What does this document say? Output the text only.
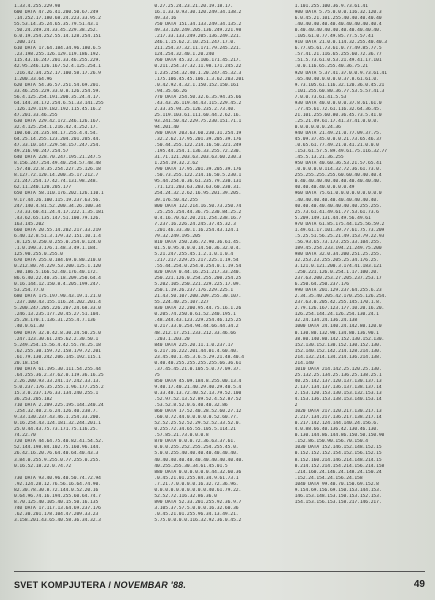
1.33.4.255.229.98
600 DATA 47.26.41.200.50.67.249
.14.252.17.180.68.24.223.33.95.2
55.53.14.35.24.65.35.79.51.43.1
.50.24.249.24.33.45.229.38.252.
6.0.19.254.252.55.14.128.254.151
.200.171
610 DATA 17.64.184.34.96.180.6.5
.23.198.255.126.129.119.186.192.
115.43.16.247.201.33.46.255.229.
42.95.246.126.167.52.4.125.254.1
.216.42.34.252.17.100.58.17.26.9
1.200.33.64.96
620 DATA 54.36.57.251.54.69.201.
33.46.255.229.33.0.8.126.254.59.
56.4.125.254.191.200.35.24.4.17.
64.144.34.172.254.6.51.33.141.255
.126.129.119.182.192.115.45.16.2
47.201.33.46.255
630 DATA 229.42.172.246.126.167.
32.4.125.254.1.216.42.4.252.17.
100.60.24.235.84.17.255.4.4.54.
64.25.14.255.123.204.201.205.44.
47.33.10.147.229.58.157.247.254.
49.216.90.247.254.57
640 DATA 228.70.247.195.21.247.5
8.156.247.254.49.40.254.57.48.48
.57.40.22.8.35.254.227.25.126.18
8.127.72.120.14.200.35.17.212.7
21.247.254.17.42.74.131.98.248.
62.11.240.120.205.177
650 DATA 58.110.176.202.126.110.1
9.17.44.26.100.115.19.237.63.56.
247.140.4.81.52.200.34.26.100.34
.73.33.60.41.24.4.17.222.1.35.181
.43.62.65.135.147.51.100.79.126.
163.145.202
660 DATA 20.55.14.202.217.33.219
6.40.12.8.51.3.179.32.151.10.1.4
.8.125.0.250.0.255.0.254.0.124.0
.1.0.190.3.176.1.48.3.49.1.184.
125.90.255.0.255.0
670 DATA 255.0.184.69.0.80.210.0
0.212.80.74.229.53.200.125.1.120
.80.186.5.166.52.40.176.40.172.
86.6.40.22.40.35.18.209.250.64.4
0.16.144.12.150.8.4.205.199.247.
53.254.77.0
680 DATA 175.197.90.43.19.1.21.0
.237.100.43.155.116.24.202.201.4
5.200.247.205.226.207.24.68.33.0
.246.13.235.177.20.45.27.51.104.
25.28.170.1.136.31.255.4.7.136
.40.0.61.30
690 DATA 32.0.42.8.30.24.50.25.0
.247.123.30.61.245.62.2.30.50.1
5.249.254.15.56.4.42.55.78.25.18
.62.255.30.159.72.158.179.72.201
.61.79.130.242.206.145.192.115.1
20.18.154
700 DATA 61.195.30.111.54.255.44
.64.255.36.2.37.62.0.119.36.16.25
2.26.200.93.33.241.17.242.33.13.
5.0.237.176.35.255.1.96.177.255.2
15.3.0.237.176.33.134.240.255.1
36.253.205.182
710 DATA 2.209.225.195.144.240.24
.254.32.40.2.6.24.126.40.238.7.
9.33.130.237.43.46.1.254.33.200.
0.16.254.43.124.181.32.244.201.1
25.0.44.43.75.73.171.75.116.25.
74.22.70
720 DATA 44.64.75.40.82.41.54.52.
52.144.198.84.102.75.160.96.144.
26.42.16.20.76.64.40.64.40.43.3
3.84.0.255.9.255.0.77.255.0.255.
0.16.52.18.22.0.74.72
730 DATA 93.40.96.40.50.74.72.94
.92.124.28.12.76.56.16.64.74.90.
82.30.78.30.8.72.144.0.52.20.16
0.64.96.74.16.194.255.60.64.74.7
8.70.125.40.105.40.15.50.16.135
740 DATA 17.117.13.64.69.237.176
.62.30.201.178.104.47.209.33.23
3.158.201.43.65.40.58.36.34.32.3
0.27.25.24.23.21.20.19.18.17.
16.1.33.0.93.30.120.249.34.138.2
49.33.16
750 DATA 151.34.133.249.34.135.2
49.33.120.249.205.136.249.221.98
.217.33.133.249.205.136.249.221.
246.1.15.62.2.10.251.247.17.0.
211.254.37.32.11.171.79.245.221.
124.254.32.40.1.20.240
760 DATA 45.32.3.106.171.45.217.
0.211.254.37.32.11.98.171.245.22
1.235.254.32.40.1.20.247.45.32.3
.175.106.45.45.106.1.3.62.203.201
.0.42.92.4.32.1.150.152.150.161
.94.35.66.26
770 DATA 254.50.32.6.35.94.35.66
.43.43.26.119.44.43.115.229.45.2
2.33.35.94.25.126.235.2.73.40.
25.119.103.61.111.60.44.2.62.16.
93.241.50.42.229.75.230.151.71.1
94.201.40
780 DATA 203.63.60.230.31.254.19
.32.2.62.17.95.201.39.205.39.176
.50.44.255.122.214.16.50.221.249
.195.44.254.1.136.33.255.72.230.
31.71.121.203.63.203.63.60.230.3
1.254.19.32.2.62
790 DATA 17.95.201.39.205.39.176
.50.73.255.122.214.16.50.5.230.1
95.44.254.0.36.61.235.79.230.131
.71.121.203.63.203.63.60.230.31.
254.24.32.2.62.16.95.201.39.205.
39.176.50.42.255
800 DATA 122.214.16.50.73.250.74
.25.255.254.44.36.75.230.84.25.2
0.4.16.70.62.20.211.254.238.16.7
7.237.16.226.24.245.37.45.32.3
.201.46.33.30.1.16.254.43.124.1
79.32.249.195.205
810 DATA 250.236.72.90.36.61.45.
01.5.0.95.0.0.0.14.50.36.32.0.4.
5.21.247.255.45.1.2.1.0.1.0.4
.217.217.229.25.217.225.1.19.54
.55.44.254.0.254.0.254.0.1.19.54
820 DATA 0.44.16.251.217.33.240.
250.221.126.0.254.255.200.254.25
5.202.105.250.221.229.225.17.09.
250.1.19.26.237.176.229.225.1
21.43.50.107.200.209.255.30.107.
55.224.40.25.107.227
830 DATA 22.200.95.44.75.16.1.26
0.205.74.250.0.61.52.240.195.1
.48.244.43.123.229.254.46.125.25
0.217.33.0.254.94.44.66.44.34.2
48.212.17.251.233.212.33.46.66
.203.1.203.20
840 DATA 225.20.11.1.0.237.17
6.217.16.222.201.44.01.4.60.40.
23.45.40.1.45.3.6.5.29.21.48.40.4
0.40.40.255.255.255.255.66.36.61
.37.45.45.21.0.105.5.0.77.09.37.
75
850 DATA 45.09.184.8.255.00.13.4
9.40.17.40.21.40.29.40.29.40.5.4
0.33.40.13.72.40.52.13.79.52.100
.52.97.52.13.52.89.52.4.52.87.52
.53.52.8.52.0.6.40.40.32.86
860 DATA 17.52.40.28.52.60.27.12
.60.0.72.44.0.0.0.0.0.52.60.77.
52.52.25.52.52.29.52.52.33.52.0.
0.255.72.34.65.55.105.5.114.21
.57.85.21.73.0.0.0.8
870 DATA 0.0.0.72.36.63.37.61.
0.0.0.255.252.255.254.255.45.0.
5.0.0.255.40.40.40.40.40.40.40.
40.40.40.40.40.40.40.40.40.40.40.
40.255.255.30.34.61.45.01.5
880 DATA 0.0.0.0.0.0.44.32.60.36
.0.45.21.01.255.84.34.9.61.73.1
.7.21.7.0.0.0.0.16.32.72.36.96.
0.0.0.0.0.0.0.0.0.0.40.61.79.22.
52.52.72.116.32.86.36.0
890 DATA 52.33.201.255.92.36.9.7
3.105.37.57.5.0.0.0.16.32.60.36
.0.45.21.01.255.96.34.13.49.21.
5.75.0.0.0.0.116.32.92.36.0.45.2
1.101.255.100.36.9.73.61.41
900 DATA 5.75.0.0.0.116.32.120.3
6.0.45.21.101.255.40.40.40.40.40
.40.40.40.40.40.40.40.40.40.40.4
0.40.40.40.40.40.40.40.40.40.40.
.105.61.0.77.49.85.77.5.57.41
910 DATA 21.0.0.114.32.255.40.40.3
6.77.05.61.73.61.0.77.49.85.77.5
.57.41.21.116.65.255.60.72.36.77
.51.5.73.61.0.53.21.49.41.17.101
.0.0.116.65.255.40.36.75.21
920 DATA 5.37.41.37.0.0.9.73.61.41
.65.40.40.0.0.0.0.37.8.61.61.0.
9.73.105.61.116.32.120.36.0.45.21
.101.255.60.80.36.77.53.5.57.41.3
7.0.0.73.61.41.5.53
930 DATA 40.0.0.0.0.37.8.61.61.0
.77.45.61.72.61.116.32.64.36.45.
21.101.255.60.80.36.45.73.5.41.0
.25.21.49.61.17.41.37.41.0.0.0.
0.0.0.0.0.0.24.36
940 DATA 21.49.21.0.77.09.37.75.
45.09.37.45.0.0.0.21.73.65.46.37
.0.65.61.77.49.21.0.41.21.0.0.0
.153.61.57.5.89.49.61.75.116.32.77
.45.5.13.21.36.255
950 DATA 40.60.36.53.21.57.65.41
.0.0.0.0.0.114.32.72.36.61.73.0.
255.255.255.255.60.60.40.40.40.4
0.40.40.40.40.40.40.40.40.40.40.
40.40.40.40.0.0.0.0.49
960 DATA 75.61.0.0.0.0.0.0.0.0.0
.40.40.40.40.40.40.40.40.40.40.
40.40.40.40.40.40.40.40.255.255.
25.73.61.41.49.61.77.53.61.73.6
5.209.149.131.44.49.56.49.61
970 DATA 61.85.175.44.125.56.59.2
1.49.61.17.101.39.77.61.75.73.209
.5.25.51.56.25.21.49.153.79.22.93
.56.93.65.73.173.255.33.104.255.
189.45.254.233.194.21.249.75.200
980 DATA 32.0.34.200.251.25.255.
32.253.23.255.205.25.34.176.25.
3.121.0.121.200.3.174.41.183.121
.250.221.126.0.254.1.17.100.20.
237.63.200.253.27.205.237.253.17
6.250.64.250.237.176
990 DATA 201.129.237.64.255.6.23
2.34.35.40.205.42.170.255.126.254.
237.63.0.205.42.255.145.170.1.8.
2.79.126.167.123.177.10.20.16.20.
126.254.144.24.126.254.130.24.1
32.24.134.24.136.24.138
1000 DATA 24.140.24.142.80.120.0
0.130.80.132.90.134.80.136.90.1
38.80.140.80.142.152.130.152.130.
152.130.152.130.152.130.152.130.
152.140.152.142.214.128.214.130.
214.132.214.134.214.136.214.138.
214.140
1010 DATA 214.142.25.120.25.130.
25.132.25.134.25.136.25.138.25.1
40.25.142.137.120.137.130.137.13
2.137.134.137.136.137.138.137.14
2.153.120.153.130.153.132.153.13
4.153.136.153.138.153.140.153.14
2
1020 DATA 217.120.217.130.217.13
2.217.134.217.136.217.138.217.14
0.217.142.124.144.140.24.156.6.
4.0.88.66.40.136.42.130.46.130.
0.130.144.86.144.86.150.50.150.90
.152.86.150.90.156.70.150.4
1030 DATA 152.146.152.148.152.15
0.152.152.152.154.152.156.152.15
8.152.160.214.146.214.148.214.15
0.214.152.214.154.214.156.214.158
.214.160.24.146.24.148.24.150.24
.152.24.154.24.156.24.158
1040 DATA 99.40.70.150.69.152.8
9.154.69.156.69.150.153.144.153.
146.153.148.153.150.153.152.153.
154.153.156.153.158.217.146.217.
SVET KOMPJUTERA / NOVEMBAR '88.	49
